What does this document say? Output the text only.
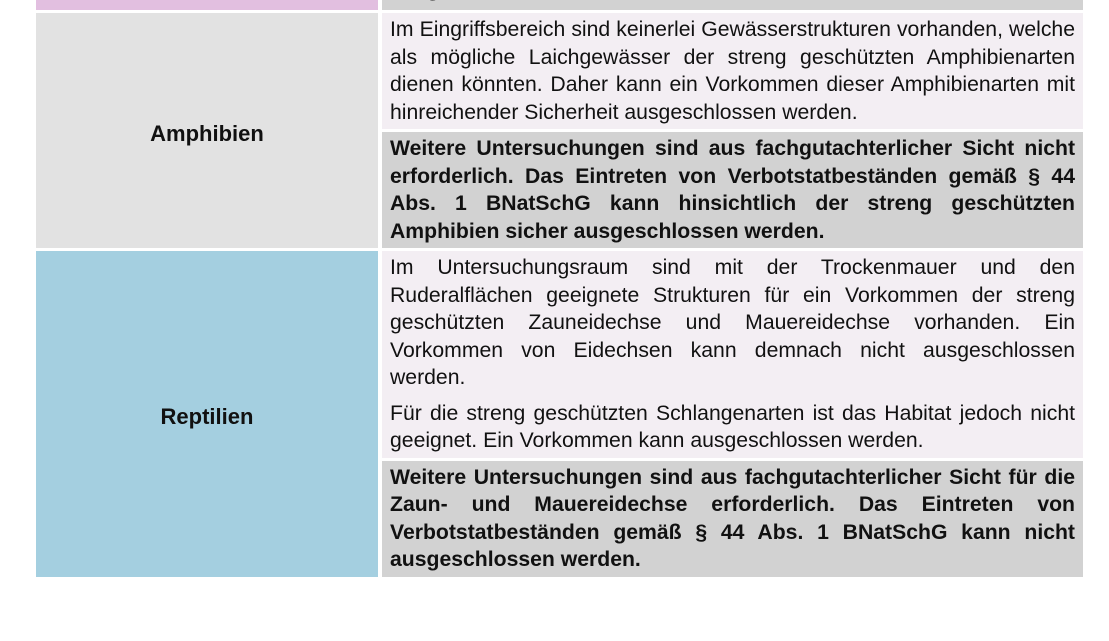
Amphibien

Im Eingriffsbereich sind keinerlei Gewässerstrukturen vorhanden, welche als mögliche Laichgewässer der streng geschützten Amphibienarten dienen könnten. Daher kann ein Vorkommen dieser Amphibienarten mit hinreichender Sicherheit ausgeschlossen werden.

Weitere Untersuchungen sind aus fachgutachterlicher Sicht nicht erforderlich. Das Eintreten von Verbotstatbeständen gemäß § 44 Abs. 1 BNatSchG kann hinsichtlich der streng geschützten Amphibien sicher ausgeschlossen werden.

Reptilien

Im Untersuchungsraum sind mit der Trockenmauer und den Ruderalflächen geeignete Strukturen für ein Vorkommen der streng geschützten Zauneidechse und Mauereidechse vorhanden. Ein Vorkommen von Eidechsen kann demnach nicht ausgeschlossen werden.

Für die streng geschützten Schlangenarten ist das Habitat jedoch nicht geeignet. Ein Vorkommen kann ausgeschlossen werden.

Weitere Untersuchungen sind aus fachgutachterlicher Sicht für die Zaun- und Mauereidechse erforderlich. Das Eintreten von Verbotstatbeständen gemäß § 44 Abs. 1 BNatSchG kann nicht ausgeschlossen werden.
